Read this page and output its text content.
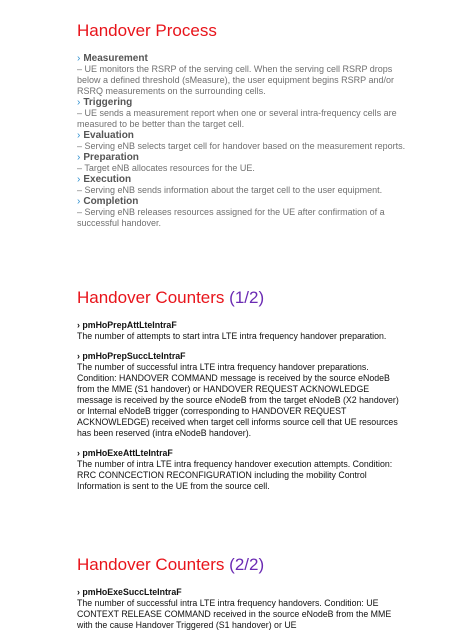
Handover Process
› Measurement
– UE monitors the RSRP of the serving cell. When the serving cell RSRP drops below a defined threshold (sMeasure), the user equipment begins RSRP and/or RSRQ measurements on the surrounding cells.
› Triggering
– UE sends a measurement report when one or several intra-frequency cells are measured to be better than the target cell.
› Evaluation
– Serving eNB selects target cell for handover based on the measurement reports.
› Preparation
– Target eNB allocates resources for the UE.
› Execution
– Serving eNB sends information about the target cell to the user equipment.
› Completion
– Serving eNB releases resources assigned for the UE after confirmation of a successful handover.
Handover Counters (1/2)
› pmHoPrepAttLteIntraF
The number of attempts to start intra LTE intra frequency handover preparation.
› pmHoPrepSuccLteIntraF
The number of successful intra LTE intra frequency handover preparations. Condition: HANDOVER COMMAND message is received by the source eNodeB from the MME (S1 handover) or HANDOVER REQUEST ACKNOWLEDGE message is received by the source eNodeB from the target eNodeB (X2 handover) or Internal eNodeB trigger (corresponding to HANDOVER REQUEST ACKNOWLEDGE) received when target cell informs source cell that UE resources has been reserved (intra eNodeB handover).
› pmHoExeAttLteIntraF
The number of intra LTE intra frequency handover execution attempts. Condition: RRC CONNCECTION RECONFIGURATION including the mobility Control Information is sent to the UE from the source cell.
Handover Counters (2/2)
› pmHoExeSuccLteIntraF
The number of successful intra LTE intra frequency handovers. Condition: UE CONTEXT RELEASE COMMAND received in the source eNodeB from the MME with the cause Handover Triggered (S1 handover) or UE
